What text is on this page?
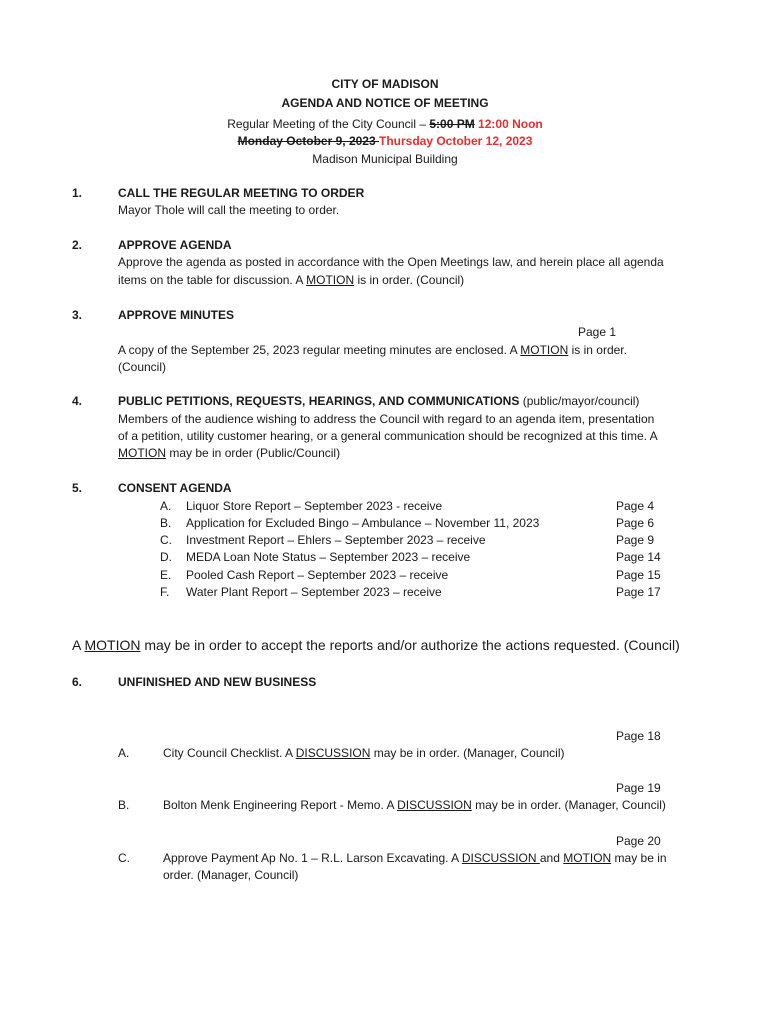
CITY OF MADISON
AGENDA AND NOTICE OF MEETING
Regular Meeting of the City Council – 5:00 PM 12:00 Noon
Monday October 9, 2023 Thursday October 12, 2023
Madison Municipal Building
1.	CALL THE REGULAR MEETING TO ORDER
Mayor Thole will call the meeting to order.
2.	APPROVE AGENDA
Approve the agenda as posted in accordance with the Open Meetings law, and herein place all agenda
items on the table for discussion. A MOTION is in order. (Council)
3.	APPROVE MINUTES
Page 1
A copy of the September 25, 2023 regular meeting minutes are enclosed. A MOTION is in order.
(Council)
4.	PUBLIC PETITIONS, REQUESTS, HEARINGS, AND COMMUNICATIONS (public/mayor/council)
Members of the audience wishing to address the Council with regard to an agenda item, presentation
of a petition, utility customer hearing, or a general communication should be recognized at this time. A
MOTION may be in order (Public/Council)
5.	CONSENT AGENDA
A.	Liquor Store Report – September 2023 - receive	Page 4
B.	Application for Excluded Bingo – Ambulance – November 11, 2023	Page 6
C.	Investment Report – Ehlers – September 2023 – receive	Page 9
D.	MEDA Loan Note Status – September 2023 – receive	Page 14
E.	Pooled Cash Report – September 2023 – receive	Page 15
F.	Water Plant Report – September 2023 – receive	Page 17
A MOTION may be in order to accept the reports and/or authorize the actions requested. (Council)
6.	UNFINISHED AND NEW BUSINESS
Page 18
A.	City Council Checklist. A DISCUSSION may be in order. (Manager, Council)
Page 19
B.	Bolton Menk Engineering Report - Memo. A DISCUSSION may be in order. (Manager, Council)
Page 20
C.	Approve Payment Ap No. 1 – R.L. Larson Excavating. A DISCUSSION and MOTION may be in
order. (Manager, Council)
